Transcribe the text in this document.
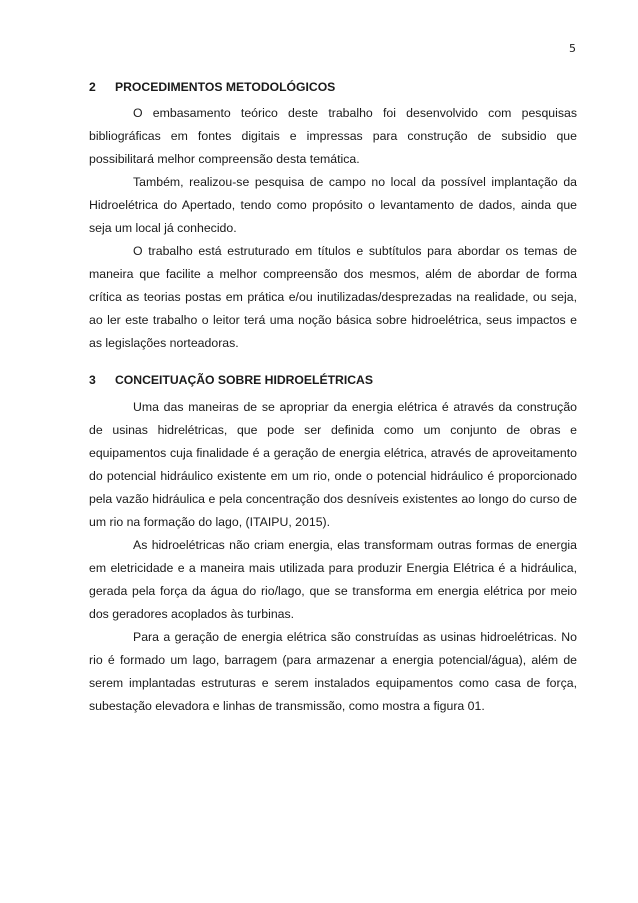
5
2	PROCEDIMENTOS METODOLÓGICOS

O embasamento teórico deste trabalho foi desenvolvido com pesquisas bibliográficas em fontes digitais e impressas para construção de subsidio que possibilitará melhor compreensão desta temática.

Também, realizou-se pesquisa de campo no local da possível implantação da Hidroelétrica do Apertado, tendo como propósito o levantamento de dados, ainda que seja um local já conhecido.

O trabalho está estruturado em títulos e subtítulos para abordar os temas de maneira que facilite a melhor compreensão dos mesmos, além de abordar de forma crítica as teorias postas em prática e/ou inutilizadas/desprezadas na realidade, ou seja, ao ler este trabalho o leitor terá uma noção básica sobre hidroelétrica, seus impactos e as legislações norteadoras.

3	CONCEITUAÇÃO SOBRE HIDROELÉTRICAS

Uma das maneiras de se apropriar da energia elétrica é através da construção de usinas hidrelétricas, que pode ser definida como um conjunto de obras e equipamentos cuja finalidade é a geração de energia elétrica, através de aproveitamento do potencial hidráulico existente em um rio, onde o potencial hidráulico é proporcionado pela vazão hidráulica e pela concentração dos desníveis existentes ao longo do curso de um rio na formação do lago, (ITAIPU, 2015).

As hidroelétricas não criam energia, elas transformam outras formas de energia em eletricidade e a maneira mais utilizada para produzir Energia Elétrica é a hidráulica, gerada pela força da água do rio/lago, que se transforma em energia elétrica por meio dos geradores acoplados às turbinas.

Para a geração de energia elétrica são construídas as usinas hidroelétricas. No rio é formado um lago, barragem (para armazenar a energia potencial/água), além de serem implantadas estruturas e serem instalados equipamentos como casa de força, subestação elevadora e linhas de transmissão, como mostra a figura 01.
